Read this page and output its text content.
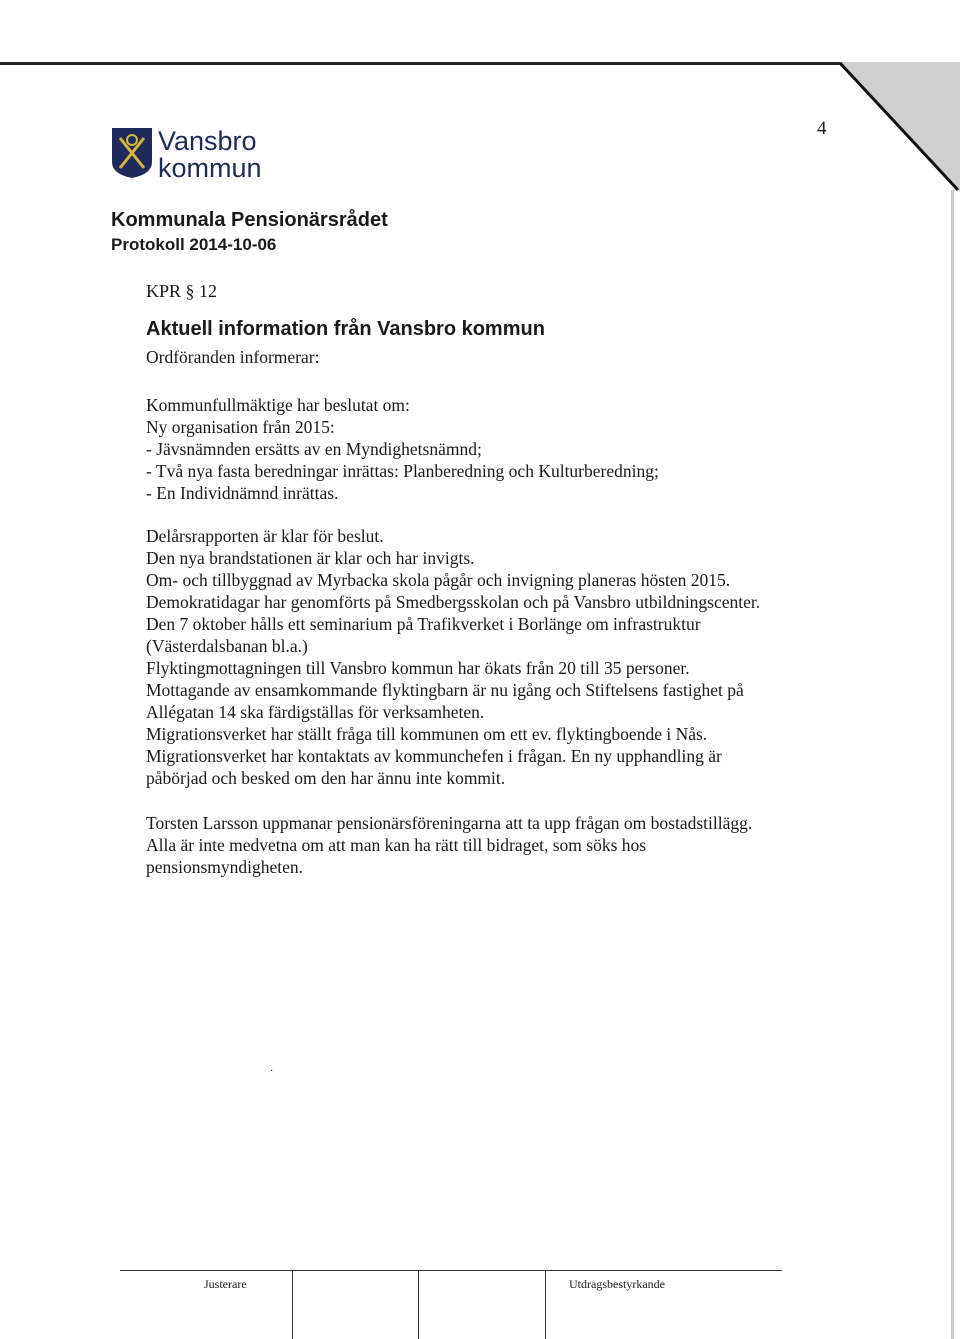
Vansbro
kommun
4
Kommunala Pensionärsrådet
Protokoll 2014-10-06
KPR § 12
Aktuell information från Vansbro kommun
Ordföranden informerar:
Kommunfullmäktige har beslutat om:
Ny organisation från 2015:
- Jävsnämnden ersätts av en Myndighetsnämnd;
- Två nya fasta beredningar inrättas: Planberedning och Kulturberedning;
- En Individnämnd inrättas.
Delårsrapporten är klar för beslut.
Den nya brandstationen är klar och har invigts.
Om- och tillbyggnad av Myrbacka skola pågår och invigning planeras hösten 2015.
Demokratidagar har genomförts på Smedbergsskolan och på Vansbro utbildningscenter.
Den 7 oktober hålls ett seminarium på Trafikverket i Borlänge om infrastruktur
(Västerdalsbanan bl.a.)
Flyktingmottagningen till Vansbro kommun har ökats från 20 till 35 personer.
Mottagande av ensamkommande flyktingbarn är nu igång och Stiftelsens fastighet på
Allégatan 14 ska färdigställas för verksamheten.
Migrationsverket har ställt fråga till kommunen om ett ev. flyktingboende i Nås.
Migrationsverket har kontaktats av kommunchefen i frågan. En ny upphandling är
påbörjad och besked om den har ännu inte kommit.
Torsten Larsson uppmanar pensionärsföreningarna att ta upp frågan om bostadstillägg.
Alla är inte medvetna om att man kan ha rätt till bidraget, som söks hos
pensionsmyndigheten.
·
Justerare	Utdragsbestyrkande
